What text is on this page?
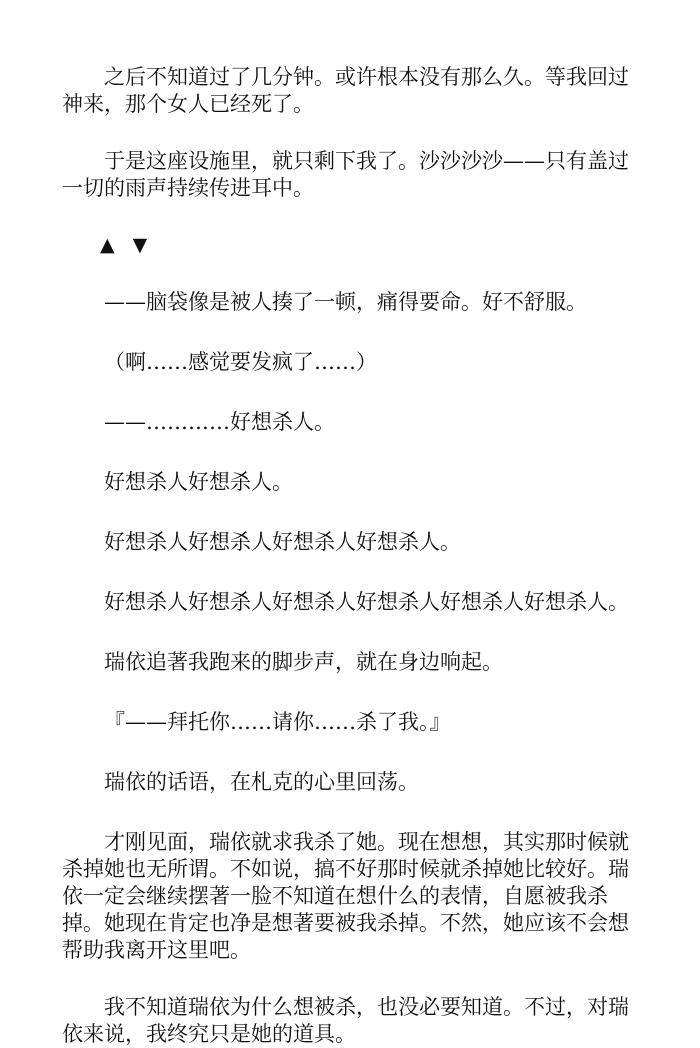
之后不知道过了几分钟。或许根本没有那么久。等我回过神来，那个女人已经死了。

于是这座设施里，就只剩下我了。沙沙沙沙——只有盖过一切的雨声持续传进耳中。

▲ ▼

——脑袋像是被人揍了一顿，痛得要命。好不舒服。

（啊……感觉要发疯了……）

——…………好想杀人。

好想杀人好想杀人。

好想杀人好想杀人好想杀人好想杀人。

好想杀人好想杀人好想杀人好想杀人好想杀人好想杀人。

瑞依追著我跑来的脚步声，就在身边响起。

『——拜托你……请你……杀了我。』

瑞依的话语，在札克的心里回荡。

才刚见面，瑞依就求我杀了她。现在想想，其实那时候就杀掉她也无所谓。不如说，搞不好那时候就杀掉她比较好。瑞依一定会继续摆著一脸不知道在想什么的表情，自愿被我杀掉。她现在肯定也净是想著要被我杀掉。不然，她应该不会想帮助我离开这里吧。

我不知道瑞依为什么想被杀，也没必要知道。不过，对瑞依来说，我终究只是她的道具。
